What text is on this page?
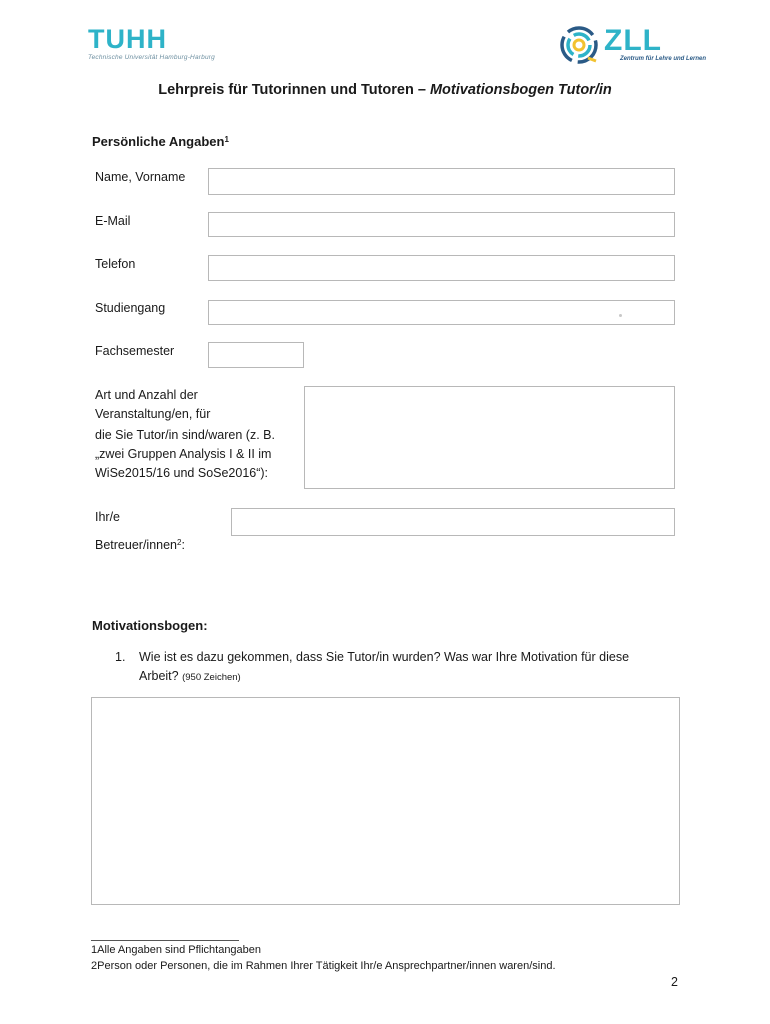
TUHH
Technische Universität Hamburg-Harburg
ZLL
Zentrum für Lehre und Lernen
Lehrpreis für Tutorinnen und Tutoren – Motivationsbogen Tutor/in
Persönliche Angaben$^1$
Name, Vorname
E-Mail
Telefon
Studiengang
Fachsemester
Art und Anzahl der
Veranstaltung/en, für
die Sie Tutor/in sind/waren (z. B.
„zwei Gruppen Analysis I & II im
WiSe2015/16 und SoSe2016“):
Ihr/e
Betreuer/innen$^2$:
Motivationsbogen:
1. Wie ist es dazu gekommen, dass Sie Tutor/in wurden? Was war Ihre Motivation für diese
Arbeit? (950 Zeichen)
1Alle Angaben sind Pflichtangaben
2Person oder Personen, die im Rahmen Ihrer Tätigkeit Ihr/e Ansprechpartner/innen waren/sind.
2
